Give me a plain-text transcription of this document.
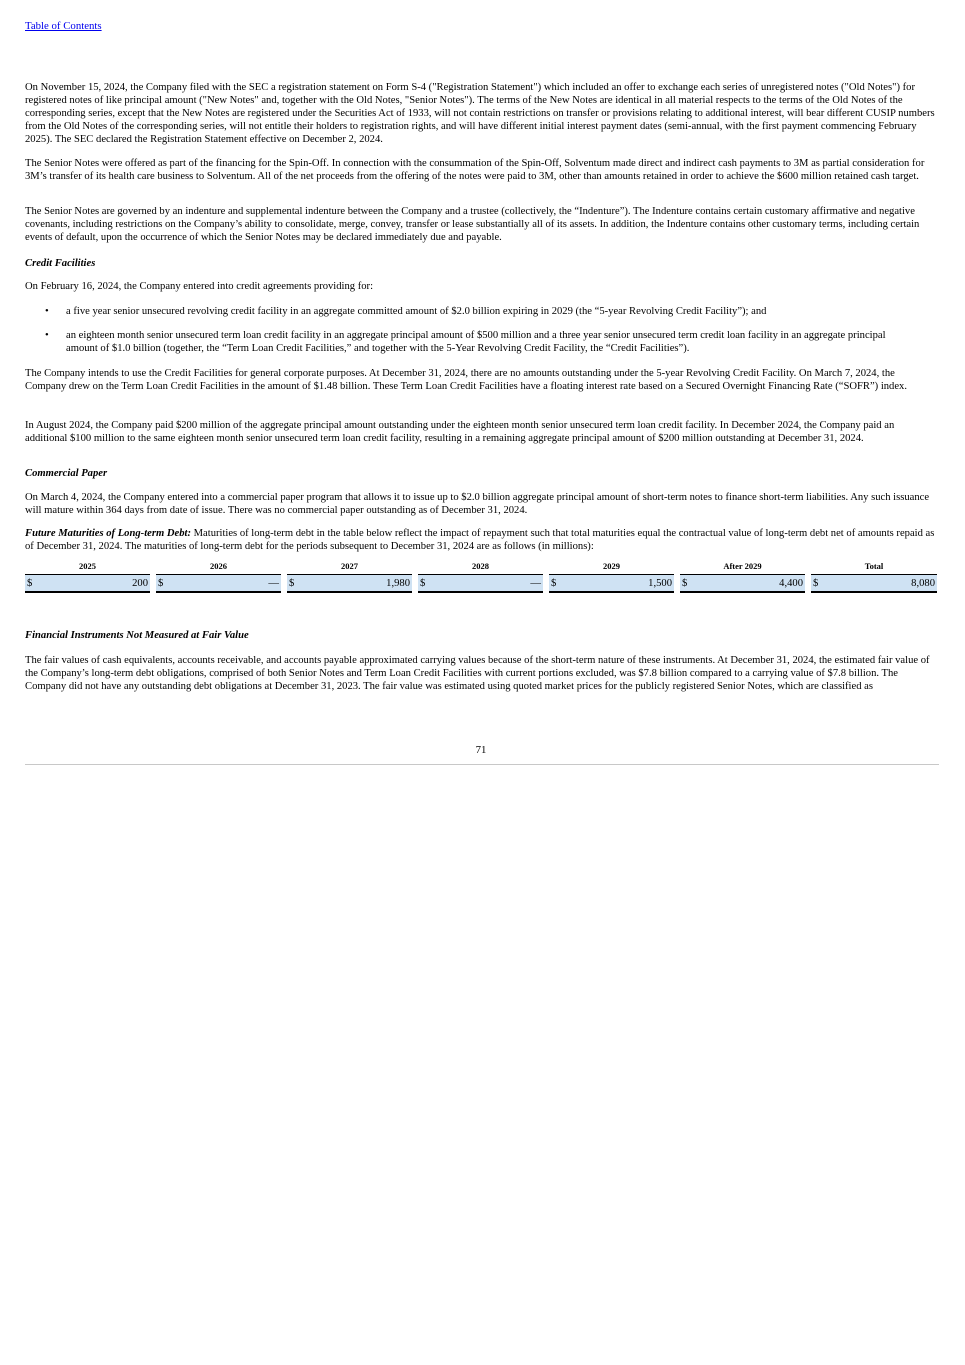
Table of Contents

On November 15, 2024, the Company filed with the SEC a registration statement on Form S-4 ("Registration Statement") which included an offer to exchange each series of unregistered notes ("Old Notes") for registered notes of like principal amount ("New Notes" and, together with the Old Notes, "Senior Notes"). The terms of the New Notes are identical in all material respects to the terms of the Old Notes of the corresponding series, except that the New Notes are registered under the Securities Act of 1933, will not contain restrictions on transfer or provisions relating to additional interest, will bear different CUSIP numbers from the Old Notes of the corresponding series, will not entitle their holders to registration rights, and will have different initial interest payment dates (semi-annual, with the first payment commencing February 2025). The SEC declared the Registration Statement effective on December 2, 2024.

The Senior Notes were offered as part of the financing for the Spin-Off. In connection with the consummation of the Spin-Off, Solventum made direct and indirect cash payments to 3M as partial consideration for 3M’s transfer of its health care business to Solventum. All of the net proceeds from the offering of the notes were paid to 3M, other than amounts retained in order to achieve the $600 million retained cash target.

The Senior Notes are governed by an indenture and supplemental indenture between the Company and a trustee (collectively, the “Indenture”). The Indenture contains certain customary affirmative and negative covenants, including restrictions on the Company’s ability to consolidate, merge, convey, transfer or lease substantially all of its assets. In addition, the Indenture contains other customary terms, including certain events of default, upon the occurrence of which the Senior Notes may be declared immediately due and payable.

Credit Facilities

On February 16, 2024, the Company entered into credit agreements providing for:

• a five year senior unsecured revolving credit facility in an aggregate committed amount of $2.0 billion expiring in 2029 (the “5-year Revolving Credit Facility”); and
• an eighteen month senior unsecured term loan credit facility in an aggregate principal amount of $500 million and a three year senior unsecured term credit loan facility in an aggregate principal amount of $1.0 billion (together, the “Term Loan Credit Facilities,” and together with the 5-Year Revolving Credit Facility, the “Credit Facilities”).

The Company intends to use the Credit Facilities for general corporate purposes. At December 31, 2024, there are no amounts outstanding under the 5-year Revolving Credit Facility. On March 7, 2024, the Company drew on the Term Loan Credit Facilities in the amount of $1.48 billion. These Term Loan Credit Facilities have a floating interest rate based on a Secured Overnight Financing Rate (“SOFR”) index.

In August 2024, the Company paid $200 million of the aggregate principal amount outstanding under the eighteen month senior unsecured term loan credit facility. In December 2024, the Company paid an additional $100 million to the same eighteen month senior unsecured term loan credit facility, resulting in a remaining aggregate principal amount of $200 million outstanding at December 31, 2024.

Commercial Paper

On March 4, 2024, the Company entered into a commercial paper program that allows it to issue up to $2.0 billion aggregate principal amount of short-term notes to finance short-term liabilities. Any such issuance will mature within 364 days from date of issue. There was no commercial paper outstanding as of December 31, 2024.

Future Maturities of Long-term Debt: Maturities of long-term debt in the table below reflect the impact of repayment such that total maturities equal the contractual value of long-term debt net of amounts repaid as of December 31, 2024. The maturities of long-term debt for the periods subsequent to December 31, 2024 are as follows (in millions):

2025		2026		2027		2028		2029		After 2029		Total

$ 200		$ —		$ 1,980		$ —		$ 1,500		$ 4,400		$ 8,080

Financial Instruments Not Measured at Fair Value

The fair values of cash equivalents, accounts receivable, and accounts payable approximated carrying values because of the short-term nature of these instruments. At December 31, 2024, the estimated fair value of the Company’s long-term debt obligations, comprised of both Senior Notes and Term Loan Credit Facilities with current portions excluded, was $7.8 billion compared to a carrying value of $7.8 billion. The Company did not have any outstanding debt obligations at December 31, 2023. The fair value was estimated using quoted market prices for the publicly registered Senior Notes, which are classified as

71
